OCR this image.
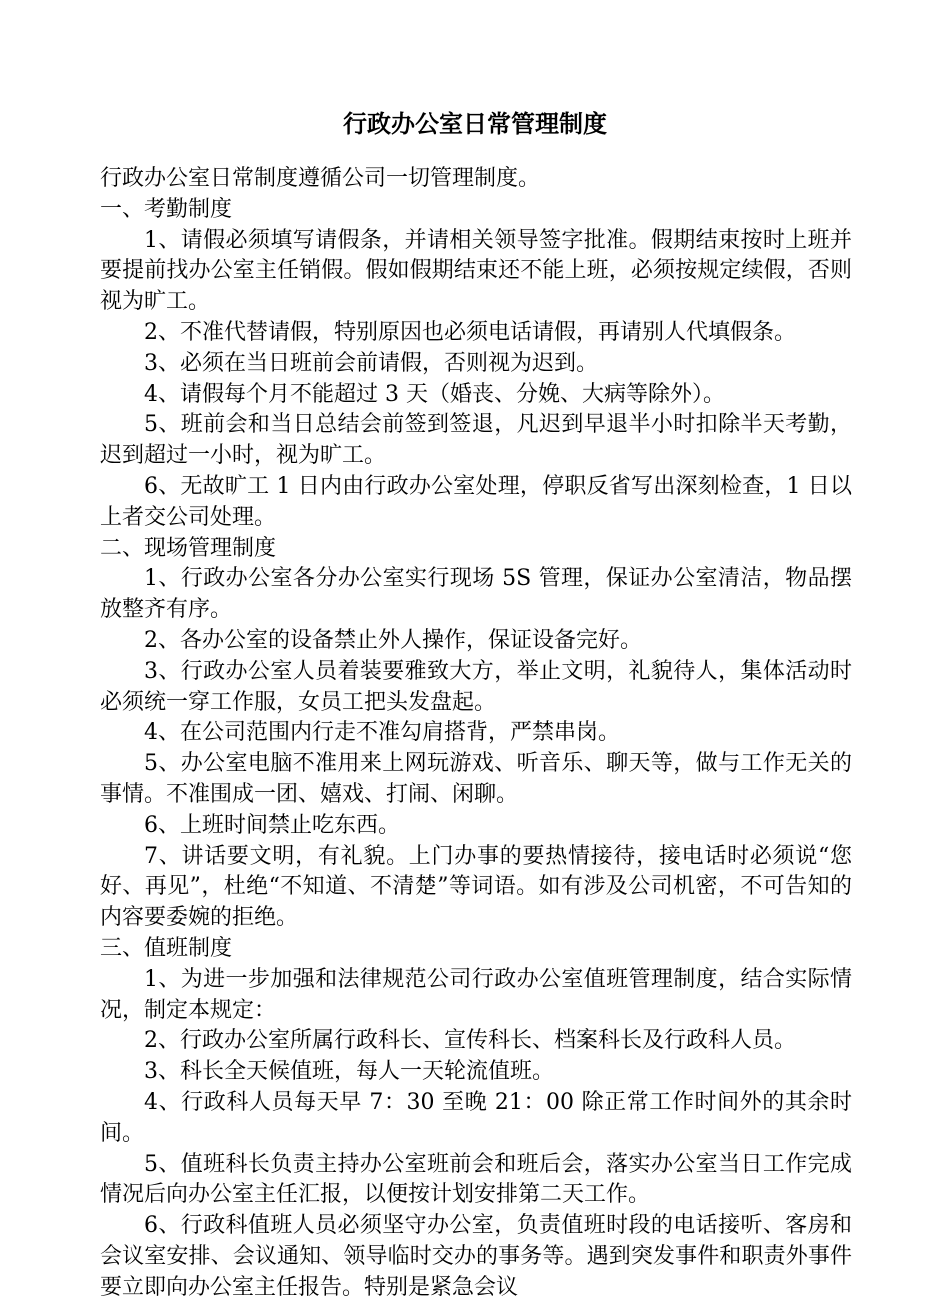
行政办公室日常管理制度

行政办公室日常制度遵循公司一切管理制度。

一、考勤制度

1、请假必须填写请假条，并请相关领导签字批准。假期结束按时上班并要提前找办公室主任销假。假如假期结束还不能上班，必须按规定续假，否则视为旷工。

2、不准代替请假，特别原因也必须电话请假，再请别人代填假条。

3、必须在当日班前会前请假，否则视为迟到。

4、请假每个月不能超过 3 天（婚丧、分娩、大病等除外）。

5、班前会和当日总结会前签到签退，凡迟到早退半小时扣除半天考勤，迟到超过一小时，视为旷工。

6、无故旷工 1 日内由行政办公室处理，停职反省写出深刻检查，1 日以上者交公司处理。

二、现场管理制度

1、行政办公室各分办公室实行现场 5S 管理，保证办公室清洁，物品摆放整齐有序。

2、各办公室的设备禁止外人操作，保证设备完好。

3、行政办公室人员着装要雅致大方，举止文明，礼貌待人，集体活动时必须统一穿工作服，女员工把头发盘起。

4、在公司范围内行走不准勾肩搭背，严禁串岗。

5、办公室电脑不准用来上网玩游戏、听音乐、聊天等，做与工作无关的事情。不准围成一团、嬉戏、打闹、闲聊。

6、上班时间禁止吃东西。

7、讲话要文明，有礼貌。上门办事的要热情接待，接电话时必须说“您好、再见”，杜绝“不知道、不清楚”等词语。如有涉及公司机密，不可告知的内容要委婉的拒绝。

三、值班制度

1、为进一步加强和法律规范公司行政办公室值班管理制度，结合实际情况，制定本规定：

2、行政办公室所属行政科长、宣传科长、档案科长及行政科人员。

3、科长全天候值班，每人一天轮流值班。

4、行政科人员每天早 7：30 至晚 21：00 除正常工作时间外的其余时间。

5、值班科长负责主持办公室班前会和班后会，落实办公室当日工作完成情况后向办公室主任汇报，以便按计划安排第二天工作。

6、行政科值班人员必须坚守办公室，负责值班时段的电话接听、客房和会议室安排、会议通知、领导临时交办的事务等。遇到突发事件和职责外事件要立即向办公室主任报告。特别是紧急会议
